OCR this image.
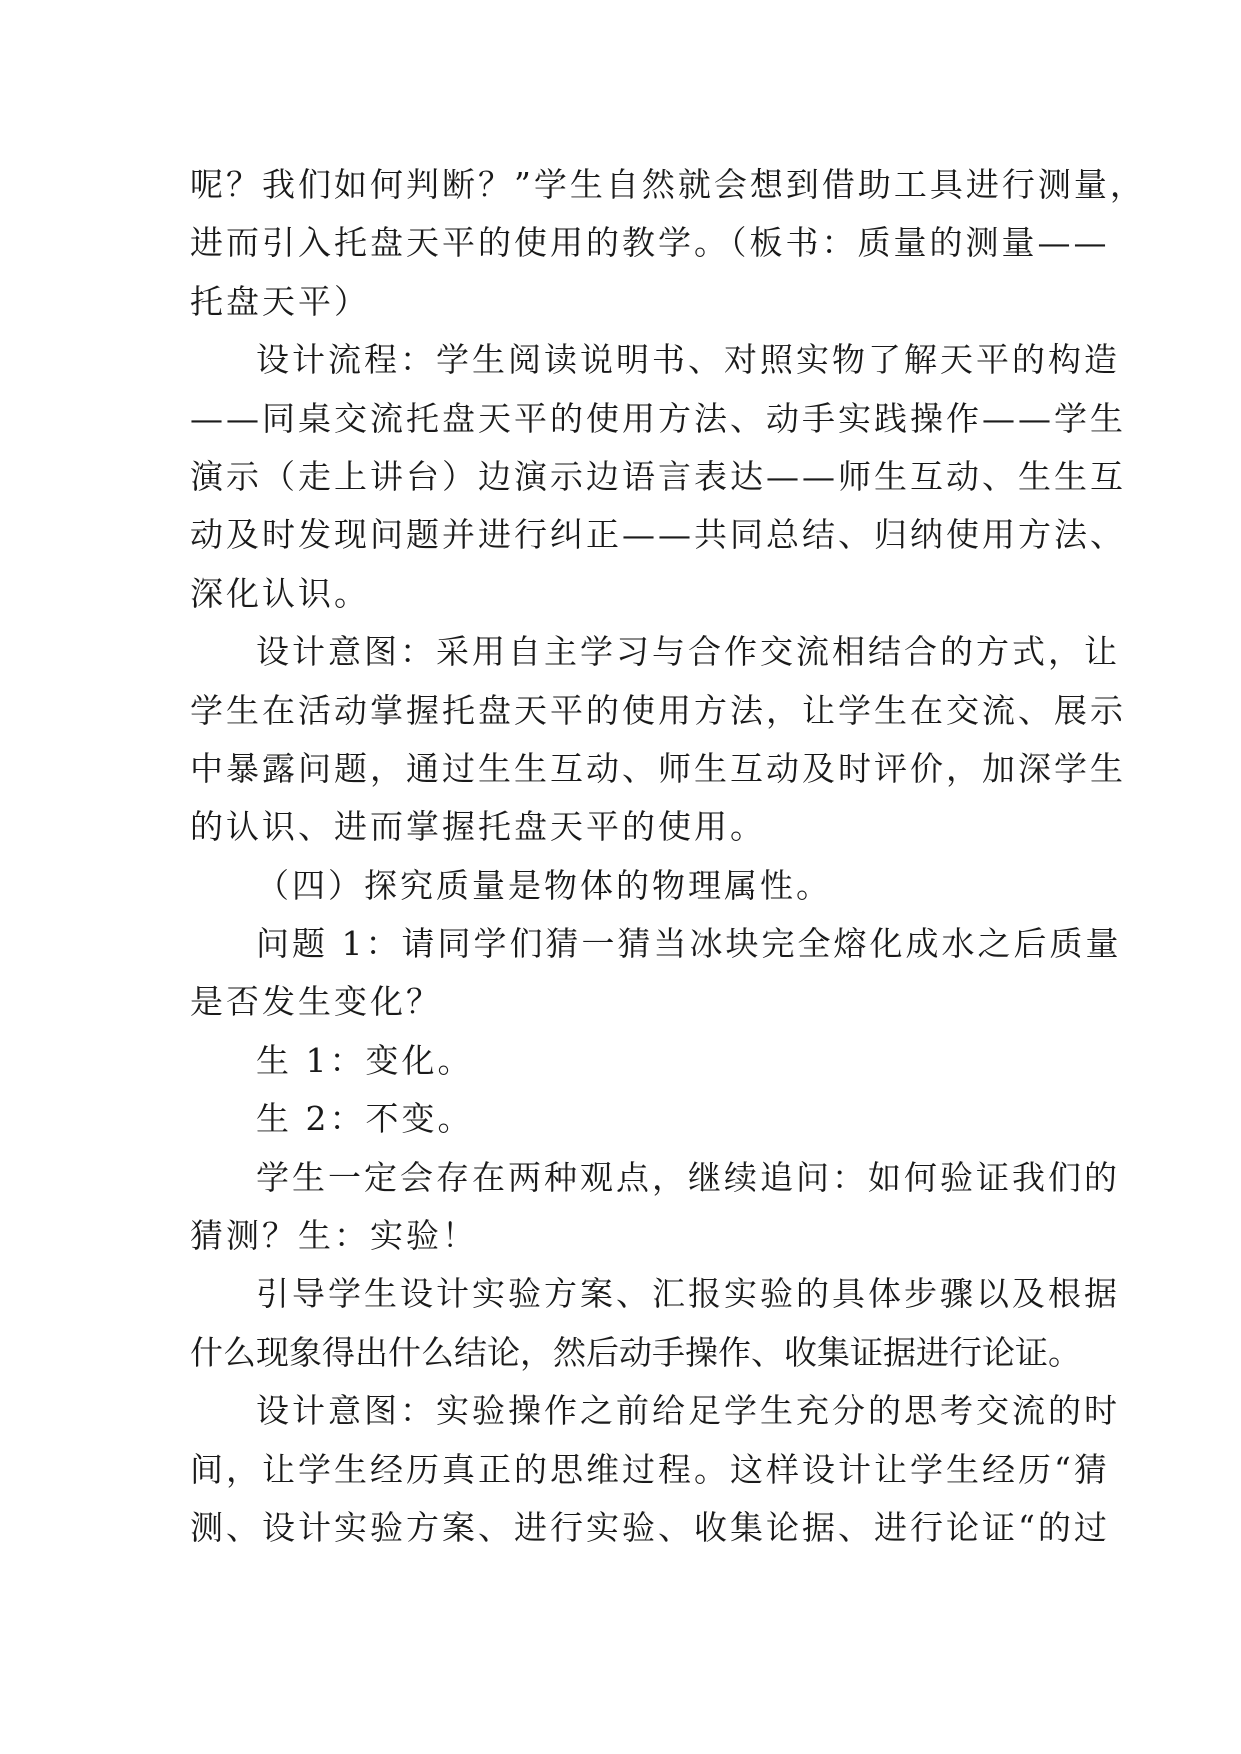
呢？我们如何判断？”学生自然就会想到借助工具进行测量，
进而引入托盘天平的使用的教学。（板书：质量的测量——
托盘天平）
设计流程：学生阅读说明书、对照实物了解天平的构造
——同桌交流托盘天平的使用方法、动手实践操作——学生
演示（走上讲台）边演示边语言表达——师生互动、生生互
动及时发现问题并进行纠正——共同总结、归纳使用方法、
深化认识。
设计意图：采用自主学习与合作交流相结合的方式，让
学生在活动掌握托盘天平的使用方法，让学生在交流、展示
中暴露问题，通过生生互动、师生互动及时评价，加深学生
的认识、进而掌握托盘天平的使用。
（四）探究质量是物体的物理属性。
问题 1：请同学们猜一猜当冰块完全熔化成水之后质量
是否发生变化？
生 1：变化。
生 2：不变。
学生一定会存在两种观点，继续追问：如何验证我们的
猜测？生：实验！
引导学生设计实验方案、汇报实验的具体步骤以及根据
什么现象得出什么结论，然后动手操作、收集证据进行论证。
设计意图：实验操作之前给足学生充分的思考交流的时
间，让学生经历真正的思维过程。这样设计让学生经历“猜
测、设计实验方案、进行实验、收集论据、进行论证“的过
